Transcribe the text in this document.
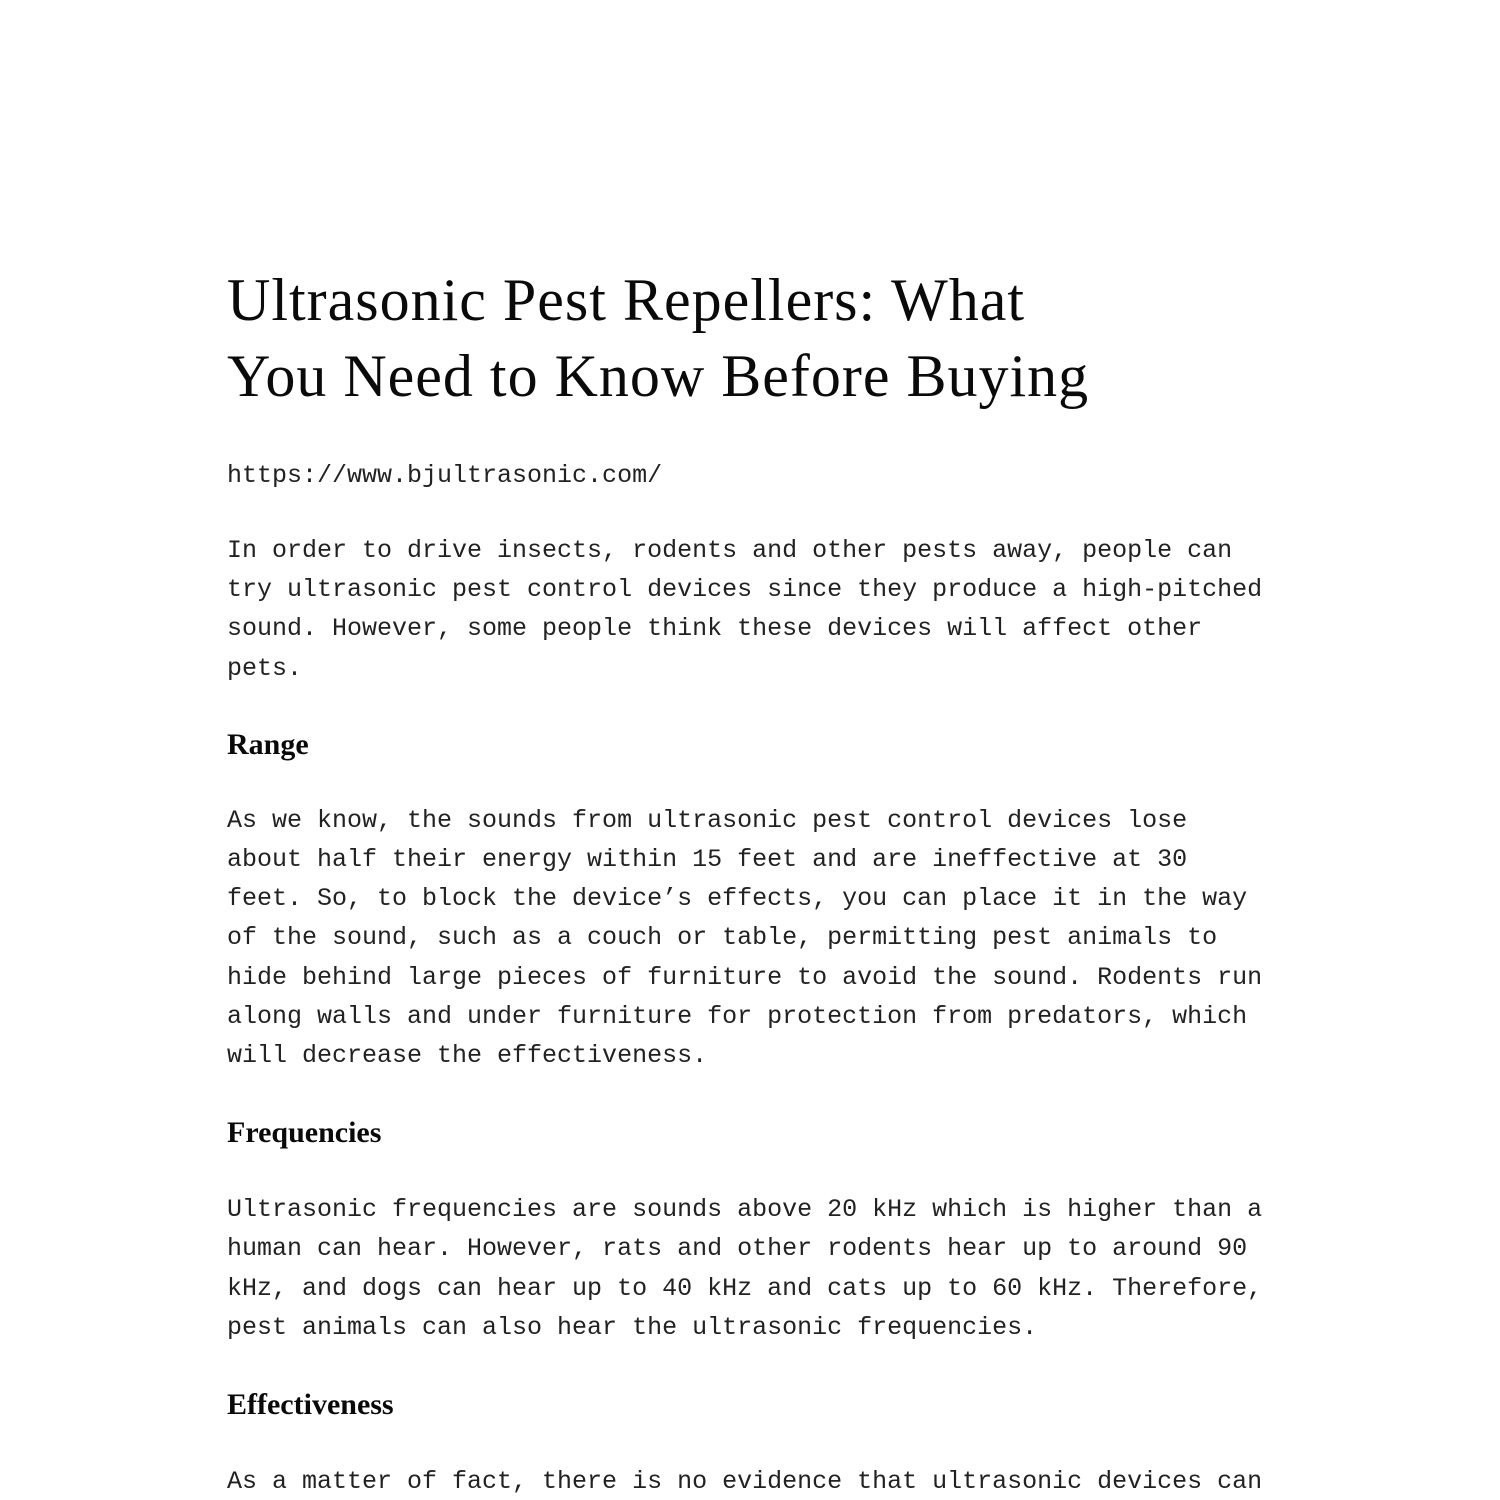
Ultrasonic Pest Repellers: What
You Need to Know Before Buying

https://www.bjultrasonic.com/

In order to drive insects, rodents and other pests away, people can
try ultrasonic pest control devices since they produce a high-pitched
sound. However, some people think these devices will affect other
pets.

Range

As we know, the sounds from ultrasonic pest control devices lose
about half their energy within 15 feet and are ineffective at 30
feet. So, to block the device’s effects, you can place it in the way
of the sound, such as a couch or table, permitting pest animals to
hide behind large pieces of furniture to avoid the sound. Rodents run
along walls and under furniture for protection from predators, which
will decrease the effectiveness.

Frequencies

Ultrasonic frequencies are sounds above 20 kHz which is higher than a
human can hear. However, rats and other rodents hear up to around 90
kHz, and dogs can hear up to 40 kHz and cats up to 60 kHz. Therefore,
pest animals can also hear the ultrasonic frequencies.

Effectiveness

As a matter of fact, there is no evidence that ultrasonic devices can
